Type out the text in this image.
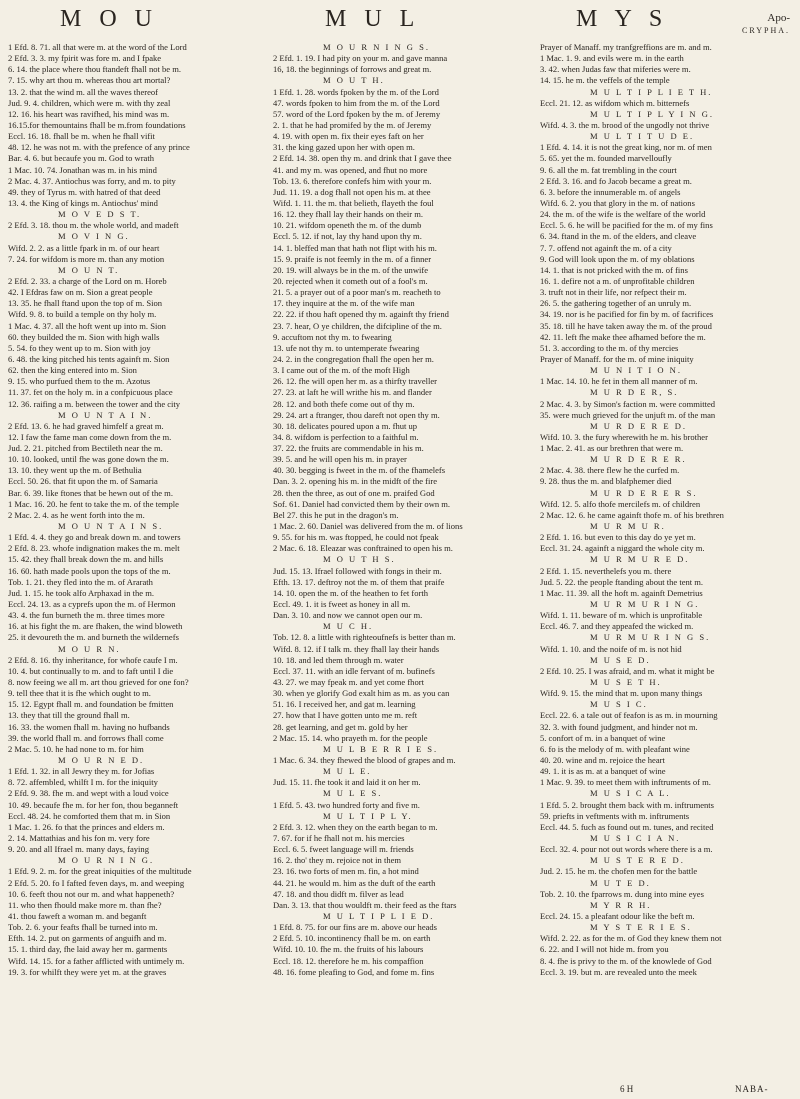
M O U	M U L	M Y S	Apo-
CRYPHA.
1 Efd. 8. 71. all that were m. at the word of the Lord
2 Efd. 3. 3. my fpirit was fore m. and I fpake
6. 14. the place where thou ftandeft fhall not be m.
7. 15. why art thou m. whereas thou art mortal?
13. 2. that the wind m. all the waves thereof
Jud. 9. 4. children, which were m. with thy zeal
12. 16. his heart was ravifhed, his mind was m.
16.15.for themountains fhall be m.from foundations
Eccl. 16. 18. fhall be m. when he fhall vifit
48. 12. he was not m. with the prefence of any prince
Bar. 4. 6. but becaufe you m. God to wrath
1 Mac. 10. 74. Jonathan was m. in his mind
2 Mac. 4. 37. Antiochus was forry, and m. to pity
49. they of Tyrus m. with hatred of that deed
13. 4. the King of kings m. Antiochus' mind
M O V E D S T.
2 Efd. 3. 18. thou m. the whole world, and madeft
M O V I N G.
Wifd. 2. 2. as a little fpark in m. of our heart
7. 24. for wifdom is more m. than any motion
M O U N T.
2 Efd. 2. 33. a charge of the Lord on m. Horeb
42. I Efdras faw on m. Sion a great people
13. 35. he fhall ftand upon the top of m. Sion
Wifd. 9. 8. to build a temple on thy holy m.
1 Mac. 4. 37. all the hoft went up into m. Sion
60. they builded the m. Sion with high walls
5. 54. fo they went up to m. Sion with joy
6. 48. the king pitched his tents againft m. Sion
62. then the king entered into m. Sion
9. 15. who purfued them to the m. Azotus
11. 37. fet on the holy m. in a confpicuous place
12. 36. raifing a m. between the tower and the city
M O U N T A I N.
2 Efd. 13. 6. he had graved himfelf a great m.
12. I faw the fame man come down from the m.
Jud. 2. 21. pitched from Bectileth near the m.
10. 10. looked, until fhe was gone down the m.
13. 10. they went up the m. of Bethulia
Eccl. 50. 26. that fit upon the m. of Samaria
Bar. 6. 39. like ftones that be hewn out of the m.
1 Mac. 16. 20. he fent to take the m. of the temple
2 Mac. 2. 4. as he went forth into the m.
M O U N T A I N S.
1 Efd. 4. 4. they go and break down m. and towers
2 Efd. 8. 23. whofe indignation makes the m. melt
15. 42. they fhall break down the m. and hills
16. 60. hath made pools upon the tops of the m.
Tob. 1. 21. they fled into the m. of Ararath
Jud. 1. 15. he took alfo Arphaxad in the m.
Eccl. 24. 13. as a cyprefs upon the m. of Hermon
43. 4. the fun burneth the m. three times more
16. at his fight the m. are fhaken, the wind bloweth
25. it devoureth the m. and burneth the wildernefs
M O U R N.
2 Efd. 8. 16. thy inheritance, for whofe caufe I m.
10. 4. but continually to m. and to faft until I die
8. now feeing we all m. art thou grieved for one fon?
9. tell thee that it is fhe which ought to m.
15. 12. Egypt fhall m. and foundation be fmitten
13. they that till the ground fhall m.
16. 33. the women fhall m. having no hufbands
39. the world fhall m. and forrows fhall come
2 Mac. 5. 10. he had none to m. for him
M O U R N E D.
1 Efd. 1. 32. in all Jewry they m. for Jofias
8. 72. affembled, whilft I m. for the iniquity
2 Efd. 9. 38. fhe m. and wept with a loud voice
10. 49. becaufe fhe m. for her fon, thou beganneft
Eccl. 48. 24. he comforted them that m. in Sion
1 Mac. 1. 26. fo that the princes and elders m.
2. 14. Mattathias and his fon m. very fore
9. 20. and all Ifrael m. many days, faying
M O U R N I N G.
1 Efd. 9. 2. m. for the great iniquities of the multitude
2 Efd. 5. 20. fo I fafted feven days, m. and weeping
10. 6. feeft thou not our m. and what happeneth?
11. who then fhould make more m. than fhe?
41. thou faweft a woman m. and beganft
Tob. 2. 6. your feafts fhall be turned into m.
Efth. 14. 2. put on garments of anguifh and m.
15. 1. third day, fhe laid away her m. garments
Wifd. 14. 15. for a father afflicted with untimely m.
19. 3. for whilft they were yet m. at the graves
M O U R N I N G S.
2 Efd. 1. 19. I had pity on your m. and gave manna
16, 18. the beginnings of forrows and great m.
M O U T H.
1 Efd. 1. 28. words fpoken by the m. of the Lord
47. words fpoken to him from the m. of the Lord
57. word of the Lord fpoken by the m. of Jeremy
2. 1. that he had promifed by the m. of Jeremy
4. 19. with open m. fix their eyes faft on her
31. the king gazed upon her with open m.
2 Efd. 14. 38. open thy m. and drink that I gave thee
41. and my m. was opened, and fhut no more
Tob. 13. 6. therefore confefs him with your m.
Jud. 11. 19. a dog fhall not open his m. at thee
Wifd. 1. 11. the m. that belieth, flayeth the foul
16. 12. they fhall lay their hands on their m.
10. 21. wifdom openeth the m. of the dumb
Eccl. 5. 12. if not, lay thy hand upon thy m.
14. 1. bleffed man that hath not flipt with his m.
15. 9. praife is not feemly in the m. of a finner
20. 19. will always be in the m. of the unwife
20. rejected when it cometh out of a fool's m.
21. 5. a prayer out of a poor man's m. reacheth to
17. they inquire at the m. of the wife man
22. 22. if thou haft opened thy m. againft thy friend
23. 7. hear, O ye children, the difcipline of the m.
9. accuftom not thy m. to fwearing
13. ufe not thy m. to untemperate fwearing
24. 2. in the congregation fhall fhe open her m.
3. I came out of the m. of the moft High
26. 12. fhe will open her m. as a thirfty traveller
27. 23. at laft he will writhe his m. and flander
28. 12. and both thefe come out of thy m.
29. 24. art a ftranger, thou dareft not open thy m.
30. 18. delicates poured upon a m. fhut up
34. 8. wifdom is perfection to a faithful m.
37. 22. the fruits are commendable in his m.
39. 5. and he will open his m. in prayer
40. 30. begging is fweet in the m. of the fhamelefs
Dan. 3. 2. opening his m. in the midft of the fire
28. then the three, as out of one m. praifed God
Sof. 61. Daniel had convicted them by their own m.
Bel 27. this he put in the dragon's m.
1 Mac. 2. 60. Daniel was delivered from the m. of lions
9. 55. for his m. was ftopped, he could not fpeak
2 Mac. 6. 18. Eleazar was conftrained to open his m.
M O U T H S.
Jud. 15. 13. Ifrael followed with fongs in their m.
Efth. 13. 17. deftroy not the m. of them that praife
14. 10. open the m. of the heathen to fet forth
Eccl. 49. 1. it is fweet as honey in all m.
Dan. 3. 10. and now we cannot open our m.
M U C H.
Tob. 12. 8. a little with righteoufnefs is better than m.
Wifd. 8. 12. if I talk m. they fhall lay their hands
10. 18. and led them through m. water
Eccl. 37. 11. with an idle fervant of m. bufinefs
43. 27. we may fpeak m. and yet come fhort
30. when ye glorify God exalt him as m. as you can
51. 16. I received her, and gat m. learning
27. how that I have gotten unto me m. reft
28. get learning, and get m. gold by her
2 Mac. 15. 14. who prayeth m. for the people
M U L B E R R I E S.
1 Mac. 6. 34. they fhewed the blood of grapes and m.
M U L E.
Jud. 15. 11. fhe took it and laid it on her m.
M U L E S.
1 Efd. 5. 43. two hundred forty and five m.
M U L T I P L Y.
2 Efd. 3. 12. when they on the earth began to m.
7. 67. for if he fhall not m. his mercies
Eccl. 6. 5. fweet language will m. friends
16. 2. tho' they m. rejoice not in them
23. 16. two forts of men m. fin, a hot mind
44. 21. he would m. him as the duft of the earth
47. 18. and thou didft m. filver as lead
Dan. 3. 13. that thou wouldft m. their feed as the ftars
M U L T I P L I E D.
1 Efd. 8. 75. for our fins are m. above our heads
2 Efd. 5. 10. incontinency fhall be m. on earth
Wifd. 10. 10. fhe m. the fruits of his labours
Eccl. 18. 12. therefore he m. his compaffion
48. 16. fome pleafing to God, and fome m. fins
Prayer of Manaff. my tranfgreffions are m. and m.
1 Mac. 1. 9. and evils were m. in the earth
3. 42. when Judas faw that miferies were m.
14. 15. he m. the veffels of the temple
M U L T I P L I E T H.
Eccl. 21. 12. as wifdom which m. bitternefs
M U L T I P L Y I N G.
Wifd. 4. 3. the m. brood of the ungodly not thrive
M U L T I T U D E.
1 Efd. 4. 14. it is not the great king, nor m. of men
5. 65. yet the m. founded marvelloufly
9. 6. all the m. fat trembling in the court
2 Efd. 3. 16. and fo Jacob became a great m.
6. 3. before the innumerable m. of angels
Wifd. 6. 2. you that glory in the m. of nations
24. the m. of the wife is the welfare of the world
Eccl. 5. 6. he will be pacified for the m. of my fins
6. 34. ftand in the m. of the elders, and cleave
7. 7. offend not againft the m. of a city
9. God will look upon the m. of my oblations
14. 1. that is not pricked with the m. of fins
16. 1. defire not a m. of unprofitable children
3. truft not in their life, nor refpect their m.
26. 5. the gathering together of an unruly m.
34. 19. nor is he pacified for fin by m. of facrifices
35. 18. till he have taken away the m. of the proud
42. 11. left fhe make thee afhamed before the m.
51. 3. according to the m. of thy mercies
Prayer of Manaff. for the m. of mine iniquity
M U N I T I O N.
1 Mac. 14. 10. he fet in them all manner of m.
M U R D E R, S.
2 Mac. 4. 3. by Simon's faction m. were committed
35. were much grieved for the unjuft m. of the man
M U R D E R E D.
Wifd. 10. 3. the fury wherewith he m. his brother
1 Mac. 2. 41. as our brethren that were m.
M U R D E R E R.
2 Mac. 4. 38. there flew he the curfed m.
9. 28. thus the m. and blafphemer died
M U R D E R E R S.
Wifd. 12. 5. alfo thofe mercilefs m. of children
2 Mac. 12. 6. he came againft thofe m. of his brethren
M U R M U R.
2 Efd. 1. 16. but even to this day do ye yet m.
Eccl. 31. 24. againft a niggard the whole city m.
M U R M U R E D.
2 Efd. 1. 15. neverthelefs you m. there
Jud. 5. 22. the people ftanding about the tent m.
1 Mac. 11. 39. all the hoft m. againft Demetrius
M U R M U R I N G.
Wifd. 1. 11. beware of m. which is unprofitable
Eccl. 46. 7. and they appeafed the wicked m.
M U R M U R I N G S.
Wifd. 1. 10. and the noife of m. is not hid
M U S E D.
2 Efd. 10. 25. I was afraid, and m. what it might be
M U S E T H.
Wifd. 9. 15. the mind that m. upon many things
M U S I C.
Eccl. 22. 6. a tale out of feafon is as m. in mourning
32. 3. with found judgment, and hinder not m.
5. confort of m. in a banquet of wine
6. fo is the melody of m. with pleafant wine
40. 20. wine and m. rejoice the heart
49. 1. it is as m. at a banquet of wine
1 Mac. 9. 39. to meet them with inftruments of m.
M U S I C A L.
1 Efd. 5. 2. brought them back with m. inftruments
59. priefts in veftments with m. inftruments
Eccl. 44. 5. fuch as found out m. tunes, and recited
M U S I C I A N.
Eccl. 32. 4. pour not out words where there is a m.
M U S T E R E D.
Jud. 2. 15. he m. the chofen men for the battle
M U T E D.
Tob. 2. 10. the fparrows m. dung into mine eyes
M Y R R H.
Eccl. 24. 15. a pleafant odour like the beft m.
M Y S T E R I E S.
Wifd. 2. 22. as for the m. of God they knew them not
6. 22. and I will not hide m. from you
8. 4. fhe is privy to the m. of the knowlede of God
Eccl. 3. 19. but m. are revealed unto the meek
6 H	NABA-
